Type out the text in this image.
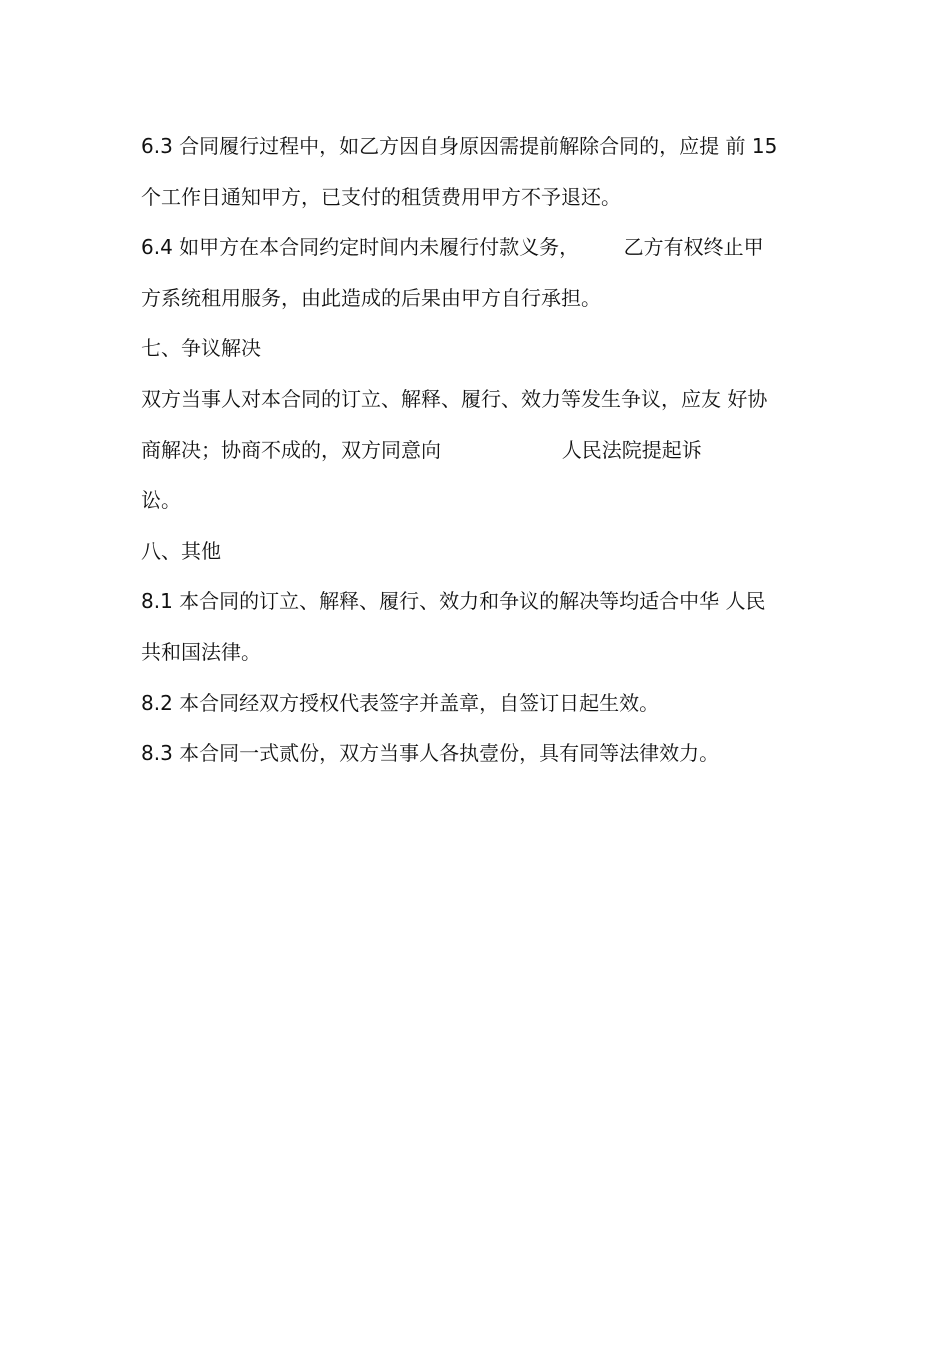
6.3 合同履行过程中，如乙方因自身原因需提前解除合同的，应提 前 15
个工作日通知甲方，已支付的租赁费用甲方不予退还。
6.4 如甲方在本合同约定时间内未履行付款义务，       乙方有权终止甲
方系统租用服务，由此造成的后果由甲方自行承担。
七、争议解决
双方当事人对本合同的订立、解释、履行、效力等发生争议，应友 好协
商解决；协商不成的，双方同意向                   人民法院提起诉
讼。
八、其他
8.1 本合同的订立、解释、履行、效力和争议的解决等均适合中华 人民
共和国法律。
8.2 本合同经双方授权代表签字并盖章，自签订日起生效。
8.3 本合同一式贰份，双方当事人各执壹份，具有同等法律效力。
